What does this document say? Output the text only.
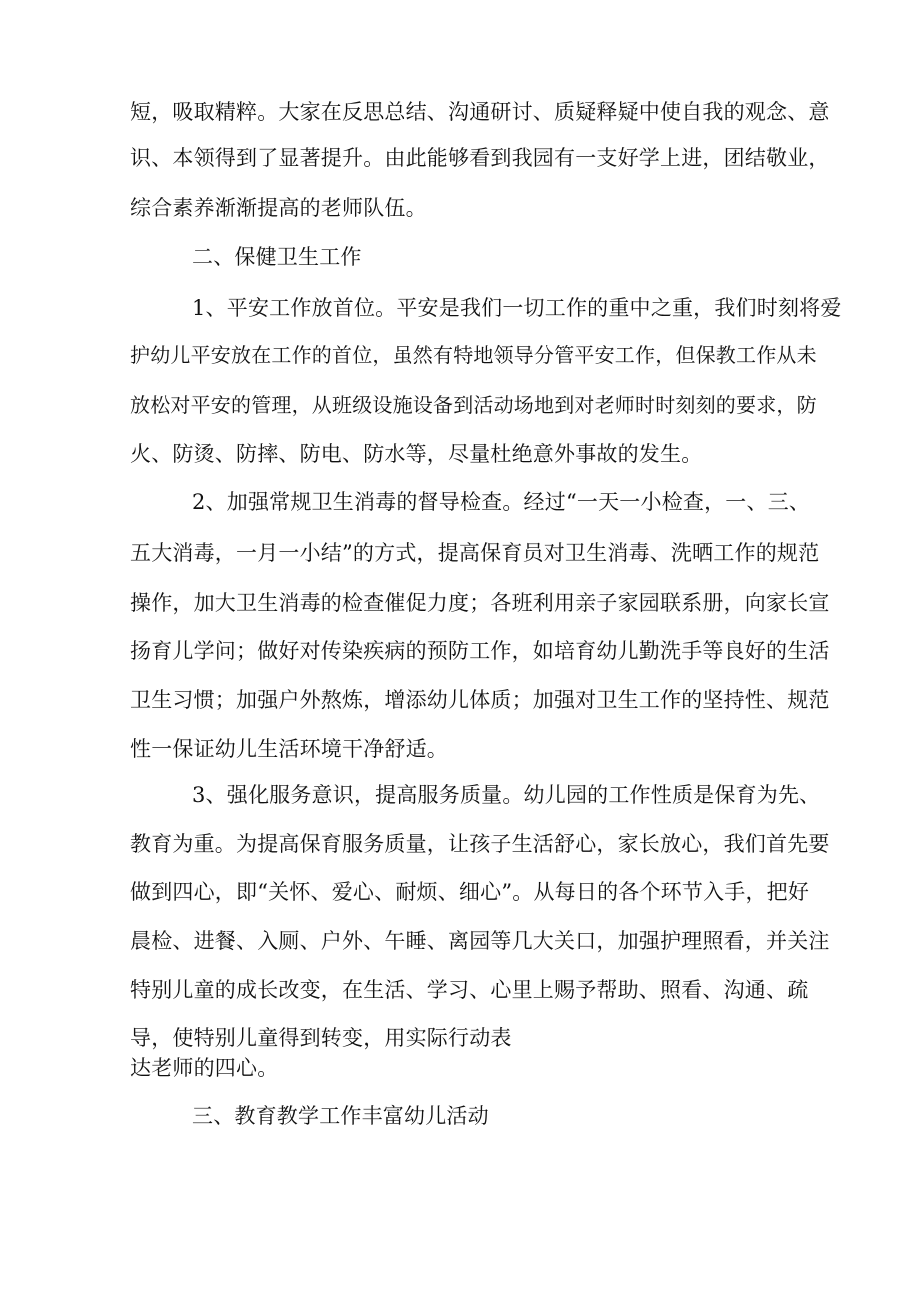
短，吸取精粹。大家在反思总结、沟通研讨、质疑释疑中使自我的观念、意
识、本领得到了显著提升。由此能够看到我园有一支好学上进，团结敬业，
综合素养渐渐提高的老师队伍。
二、保健卫生工作
1、平安工作放首位。平安是我们一切工作的重中之重，我们时刻将爱
护幼儿平安放在工作的首位，虽然有特地领导分管平安工作，但保教工作从未
放松对平安的管理，从班级设施设备到活动场地到对老师时时刻刻的要求，防
火、防烫、防摔、防电、防水等，尽量杜绝意外事故的发生。
2、加强常规卫生消毒的督导检查。经过“一天一小检查，一、三、
五大消毒，一月一小结”的方式，提高保育员对卫生消毒、洗晒工作的规范
操作，加大卫生消毒的检查催促力度；各班利用亲子家园联系册，向家长宣
扬育儿学问；做好对传染疾病的预防工作，如培育幼儿勤洗手等良好的生活
卫生习惯；加强户外熬炼，增添幼儿体质；加强对卫生工作的坚持性、规范
性一保证幼儿生活环境干净舒适。
3、强化服务意识，提高服务质量。幼儿园的工作性质是保育为先、
教育为重。为提高保育服务质量，让孩子生活舒心，家长放心，我们首先要
做到四心，即“关怀、爱心、耐烦、细心”。从每日的各个环节入手，把好
晨检、进餐、入厕、户外、午睡、离园等几大关口，加强护理照看，并关注
特别儿童的成长改变，在生活、学习、心里上赐予帮助、照看、沟通、疏
导，使特别儿童得到转变，用实际行动表
达老师的四心。
三、教育教学工作丰富幼儿活动
